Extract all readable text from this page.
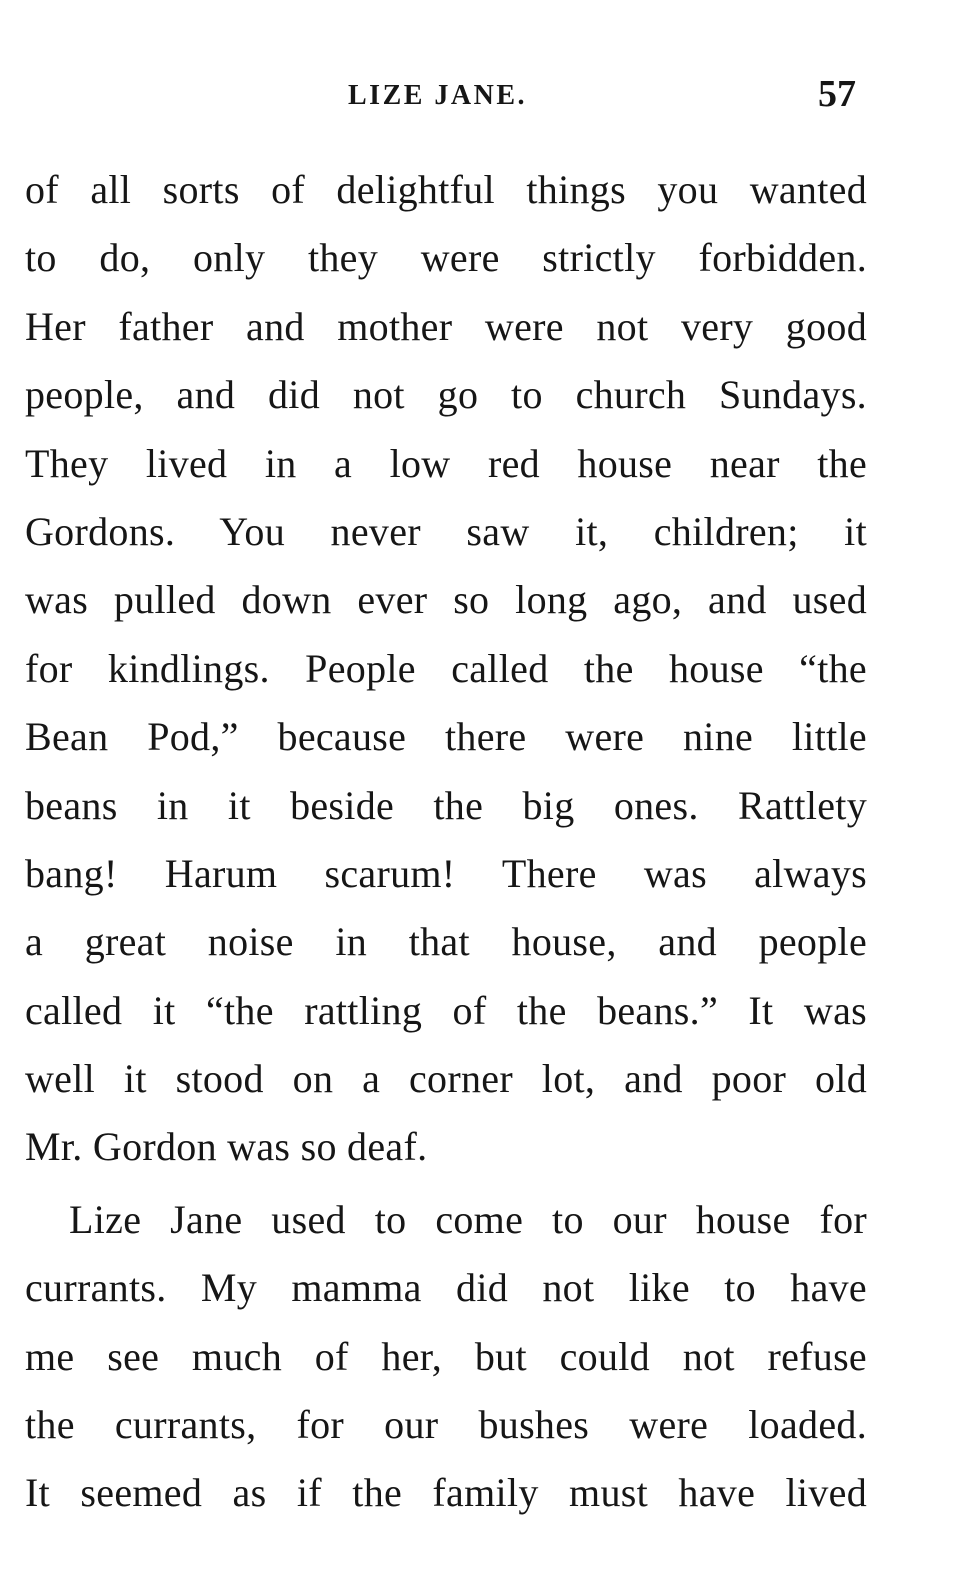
LIZE JANE.	57
of all sorts of delightful things you wanted
to do, only they were strictly forbidden.
Her father and mother were not very good
people, and did not go to church Sundays.
They lived in a low red house near the
Gordons. You never saw it, children; it
was pulled down ever so long ago, and used
for kindlings. People called the house “the
Bean Pod,” because there were nine little
beans in it beside the big ones. Rattlety
bang! Harum scarum! There was always
a great noise in that house, and people
called it “the rattling of the beans.” It was
well it stood on a corner lot, and poor old
Mr. Gordon was so deaf.
Lize Jane used to come to our house for
currants. My mamma did not like to have
me see much of her, but could not refuse
the currants, for our bushes were loaded.
It seemed as if the family must have lived
